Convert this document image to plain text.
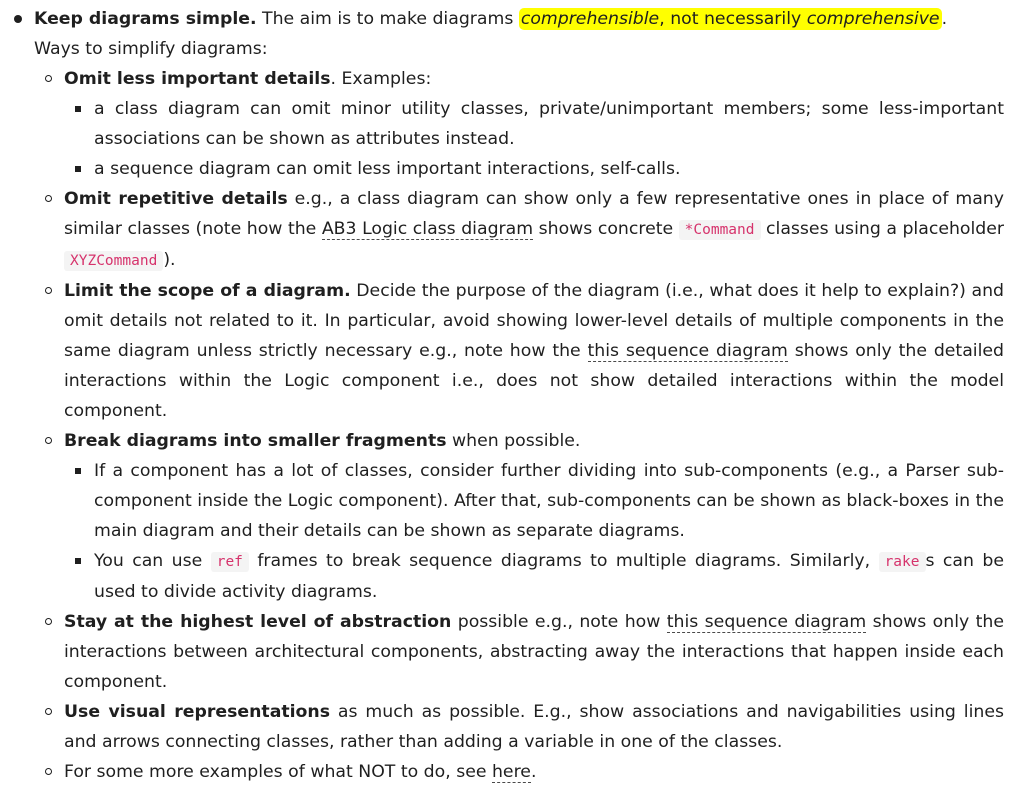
Keep diagrams simple. The aim is to make diagrams comprehensible, not necessarily comprehensive .
Ways to simplify diagrams:
Omit less important details. Examples:
a class diagram can omit minor utility classes, private/unimportant members; some less-important associations can be shown as attributes instead.
a sequence diagram can omit less important interactions, self-calls.
Omit repetitive details e.g., a class diagram can show only a few representative ones in place of many similar classes (note how the AB3 Logic class diagram shows concrete *Command classes using a placeholder XYZCommand ).
Limit the scope of a diagram. Decide the purpose of the diagram (i.e., what does it help to explain?) and omit details not related to it. In particular, avoid showing lower-level details of multiple components in the same diagram unless strictly necessary e.g., note how the this sequence diagram shows only the detailed interactions within the Logic component i.e., does not show detailed interactions within the model component.
Break diagrams into smaller fragments when possible.
If a component has a lot of classes, consider further dividing into sub-components (e.g., a Parser sub-component inside the Logic component). After that, sub-components can be shown as black-boxes in the main diagram and their details can be shown as separate diagrams.
You can use ref frames to break sequence diagrams to multiple diagrams. Similarly, rake s can be used to divide activity diagrams.
Stay at the highest level of abstraction possible e.g., note how this sequence diagram shows only the interactions between architectural components, abstracting away the interactions that happen inside each component.
Use visual representations as much as possible. E.g., show associations and navigabilities using lines and arrows connecting classes, rather than adding a variable in one of the classes.
For some more examples of what NOT to do, see here.
